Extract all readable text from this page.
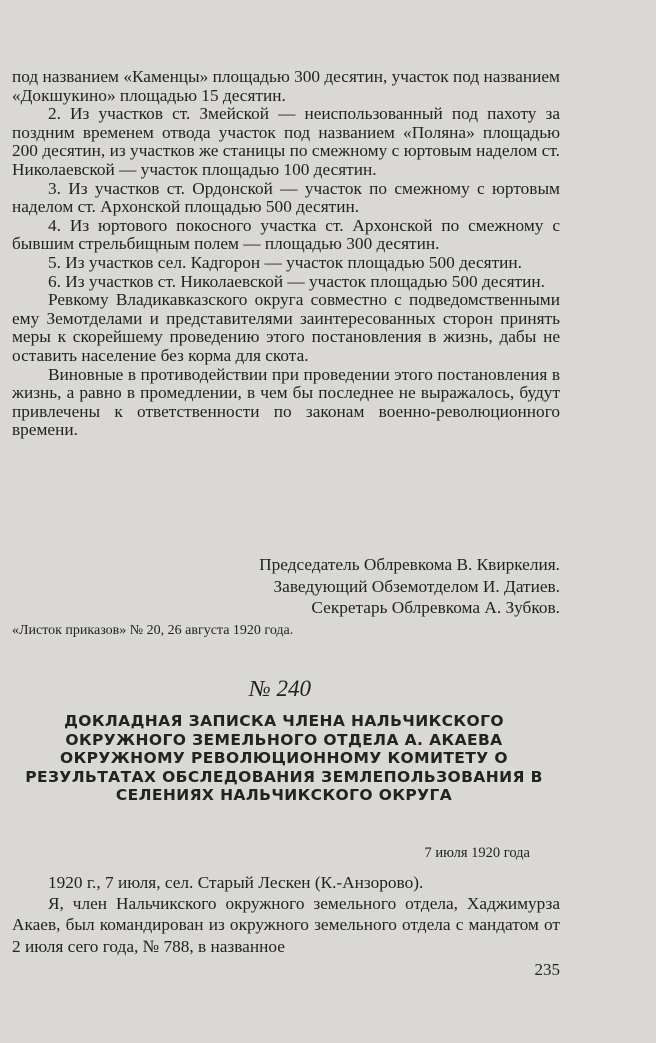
под названием «Каменцы» площадью 300 десятин, участок под названием «Докшукино» площадью 15 десятин.

2. Из участков ст. Змейской — неиспользованный под пахоту за поздним временем отвода участок под названием «Поляна» площадью 200 десятин, из участков же станицы по смежному с юртовым наделом ст. Николаевской — участок площадью 100 десятин.

3. Из участков ст. Ордонской — участок по смежному с юртовым наделом ст. Архонской площадью 500 десятин.

4. Из юртового покосного участка ст. Архонской по смежному с бывшим стрельбищным полем — площадью 300 десятин.

5. Из участков сел. Кадгорон — участок площадью 500 десятин.

6. Из участков ст. Николаевской — участок площадью 500 десятин.

Ревкому Владикавказского округа совместно с подведомственными ему Земотделами и представителями заинтересованных сторон принять меры к скорейшему проведению этого постановления в жизнь, дабы не оставить население без корма для скота.

Виновные в противодействии при проведении этого постановления в жизнь, а равно в промедлении, в чем бы последнее не выражалось, будут привлечены к ответственности по законам военно-революционного времени.

Председатель Облревкома В. Квиркелия.
Заведующий Обземотделом И. Датиев.
Секретарь Облревкома А. Зубков.
«Листок приказов» № 20, 26 августа 1920 года.
№ 240
ДОКЛАДНАЯ ЗАПИСКА ЧЛЕНА НАЛЬЧИКСКОГО ОКРУЖНОГО ЗЕМЕЛЬНОГО ОТДЕЛА А. АКАЕВА ОКРУЖНОМУ РЕВОЛЮЦИОННОМУ КОМИТЕТУ О РЕЗУЛЬТАТАХ ОБСЛЕДОВАНИЯ ЗЕМЛЕПОЛЬЗОВАНИЯ В СЕЛЕНИЯХ НАЛЬЧИКСКОГО ОКРУГА
7 июля 1920 года

1920 г., 7 июля, сел. Старый Лескен (К.-Анзорово).

Я, член Нальчикского окружного земельного отдела, Хаджимурза Акаев, был командирован из окружного земельного отдела с мандатом от 2 июля сего года, № 788, в названное

235
